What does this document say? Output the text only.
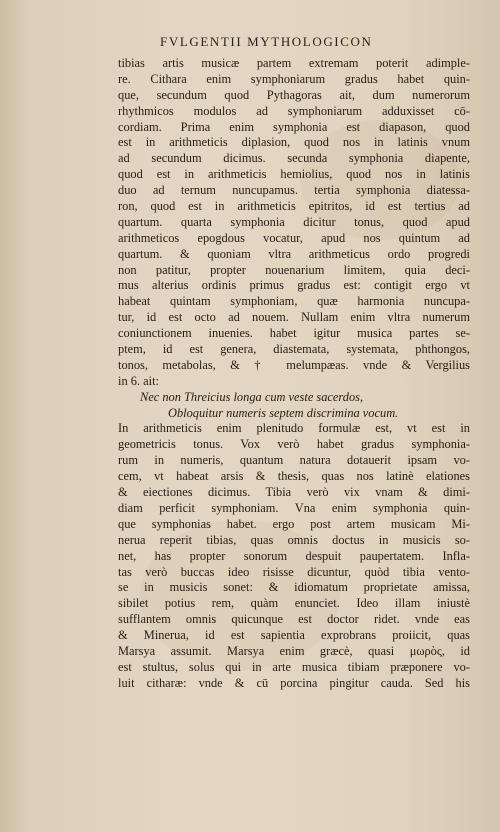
FVLGENTII MYTHOLOGICON
tibias artis musicæ partem extremam poterit adimple-
re. Cithara enim symphoniarum gradus habet quin-
que, secundum quod Pythagoras ait, dum numerorum
rhythmicos modulos ad symphoniarum adduxisset cō-
cordiam. Prima enim symphonia est diapason, quod
est in arithmeticis diplasion, quod nos in latinis vnum
ad secundum dicimus. secunda symphonia diapente,
quod est in arithmeticis hemiolius, quod nos in latinis
duo ad ternum nuncupamus. tertia symphonia diatessa-
ron, quod est in arithmeticis epitritos, id est tertius ad
quartum. quarta symphonia dicitur tonus, quod apud
arithmeticos epogdous vocatur, apud nos quintum ad
quartum. & quoniam vltra arithmeticus ordo progredi
non patitur, propter nouenarium limitem, quia deci-
mus alterius ordinis primus gradus est: contigit ergo vt
habeat quintam symphoniam, quæ harmonia nuncupa-
tur, id est octo ad nouem. Nullam enim vltra numerum
coniunctionem inuenies. habet igitur musica partes se-
ptem, id est genera, diastemata, systemata, phthongos,
tonos, metabolas, & † melumpæas. vnde & Vergilius
in 6. ait:
Nec non Threicius longa cum veste sacerdos,
Obloquitur numeris septem discrimina vocum.
In arithmeticis enim plenitudo formulæ est, vt est in
geometricis tonus. Vox verò habet gradus symphonia-
rum in numeris, quantum natura dotauerit ipsam vo-
cem, vt habeat arsis & thesis, quas nos latinè elationes
& eiectiones dicimus. Tibia verò vix vnam & dimi-
diam perficit symphoniam. Vna enim symphonia quin-
que symphonias habet. ergo post artem musicam Mi-
nerua reperit tibias, quas omnis doctus in musicis so-
net, has propter sonorum despuit paupertatem. Infla-
tas verò buccas ideo risisse dicuntur, quòd tibia vento-
se in musicis sonet: & idiomatum proprietate amissa,
sibilet potius rem, quàm enunciet. Ideo illam iniustè
sufflantem omnis quicunque est doctor ridet. vnde eas
& Minerua, id est sapientia exprobrans proiicit, quas
Marsya assumit. Marsya enim græcè, quasi μωρὸς, id
est stultus, solus qui in arte musica tibiam præponere vo-
luit citharæ: vnde & cū porcina pingitur cauda. Sed his
